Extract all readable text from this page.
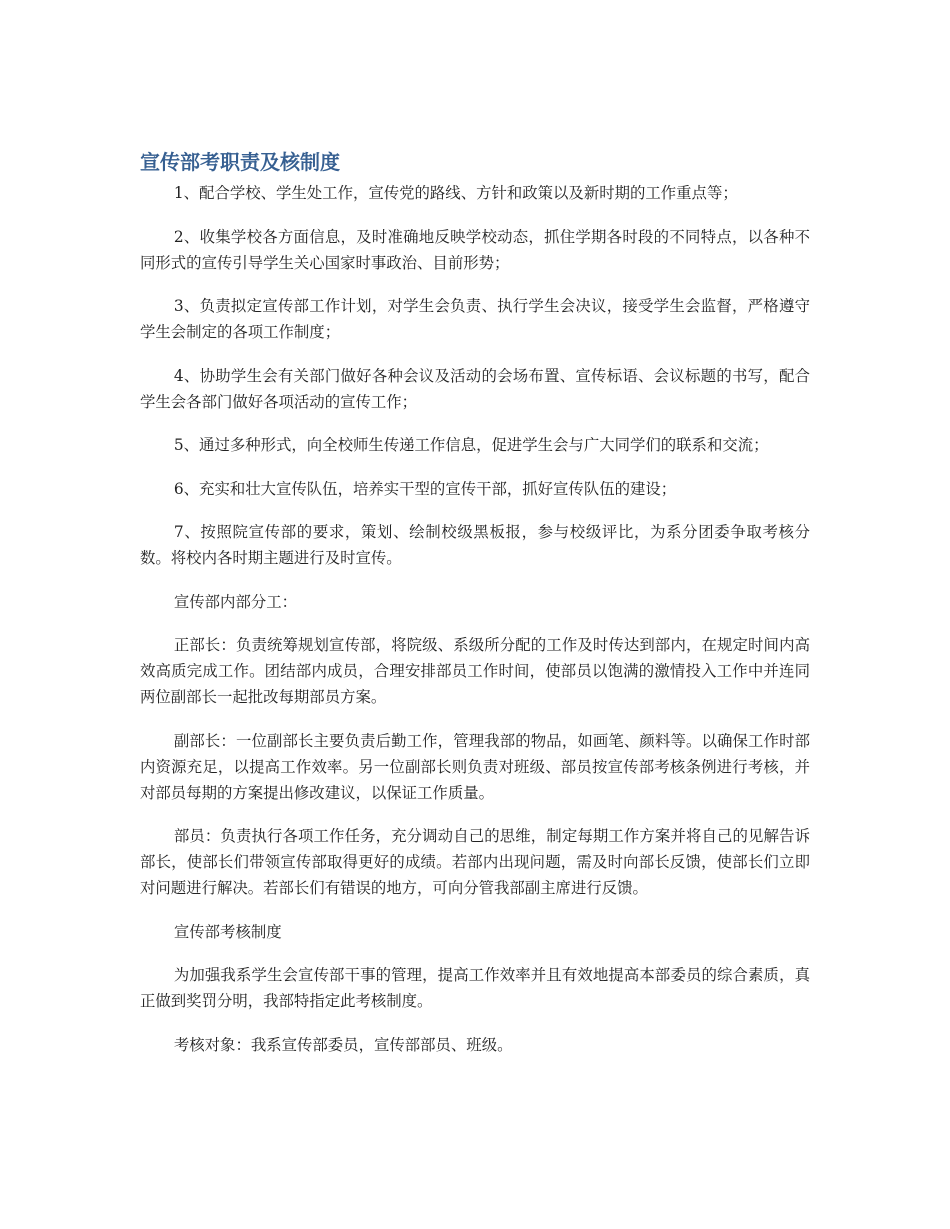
宣传部考职责及核制度

1、配合学校、学生处工作，宣传党的路线、方针和政策以及新时期的工作重点等；

2、收集学校各方面信息，及时准确地反映学校动态，抓住学期各时段的不同特点，以各种不同形式的宣传引导学生关心国家时事政治、目前形势；

3、负责拟定宣传部工作计划，对学生会负责、执行学生会决议，接受学生会监督，严格遵守学生会制定的各项工作制度；

4、协助学生会有关部门做好各种会议及活动的会场布置、宣传标语、会议标题的书写，配合学生会各部门做好各项活动的宣传工作；

5、通过多种形式，向全校师生传递工作信息，促进学生会与广大同学们的联系和交流；

6、充实和壮大宣传队伍，培养实干型的宣传干部，抓好宣传队伍的建设；

7、按照院宣传部的要求，策划、绘制校级黑板报，参与校级评比，为系分团委争取考核分数。将校内各时期主题进行及时宣传。

宣传部内部分工：

正部长：负责统筹规划宣传部，将院级、系级所分配的工作及时传达到部内，在规定时间内高效高质完成工作。团结部内成员，合理安排部员工作时间，使部员以饱满的激情投入工作中并连同两位副部长一起批改每期部员方案。

副部长：一位副部长主要负责后勤工作，管理我部的物品，如画笔、颜料等。以确保工作时部内资源充足，以提高工作效率。另一位副部长则负责对班级、部员按宣传部考核条例进行考核，并对部员每期的方案提出修改建议，以保证工作质量。

部员：负责执行各项工作任务，充分调动自己的思维，制定每期工作方案并将自己的见解告诉部长，使部长们带领宣传部取得更好的成绩。若部内出现问题，需及时向部长反馈，使部长们立即对问题进行解决。若部长们有错误的地方，可向分管我部副主席进行反馈。

宣传部考核制度

为加强我系学生会宣传部干事的管理，提高工作效率并且有效地提高本部委员的综合素质，真正做到奖罚分明，我部特指定此考核制度。

考核对象：我系宣传部委员，宣传部部员、班级。
